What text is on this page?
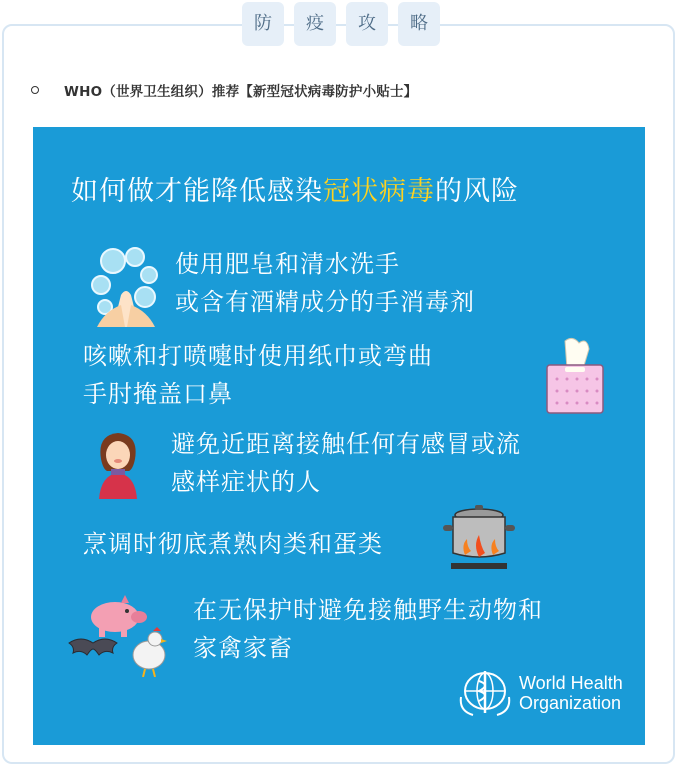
防	疫	攻	略
WHO（世界卫生组织）推荐【新型冠状病毒防护小贴士】
如何做才能降低感染冠状病毒的风险
使用肥皂和清水洗手
或含有酒精成分的手消毒剂
咳嗽和打喷嚏时使用纸巾或弯曲
手肘掩盖口鼻
避免近距离接触任何有感冒或流
感样症状的人
烹调时彻底煮熟肉类和蛋类
在无保护时避免接触野生动物和
家禽家畜
World Health
Organization
